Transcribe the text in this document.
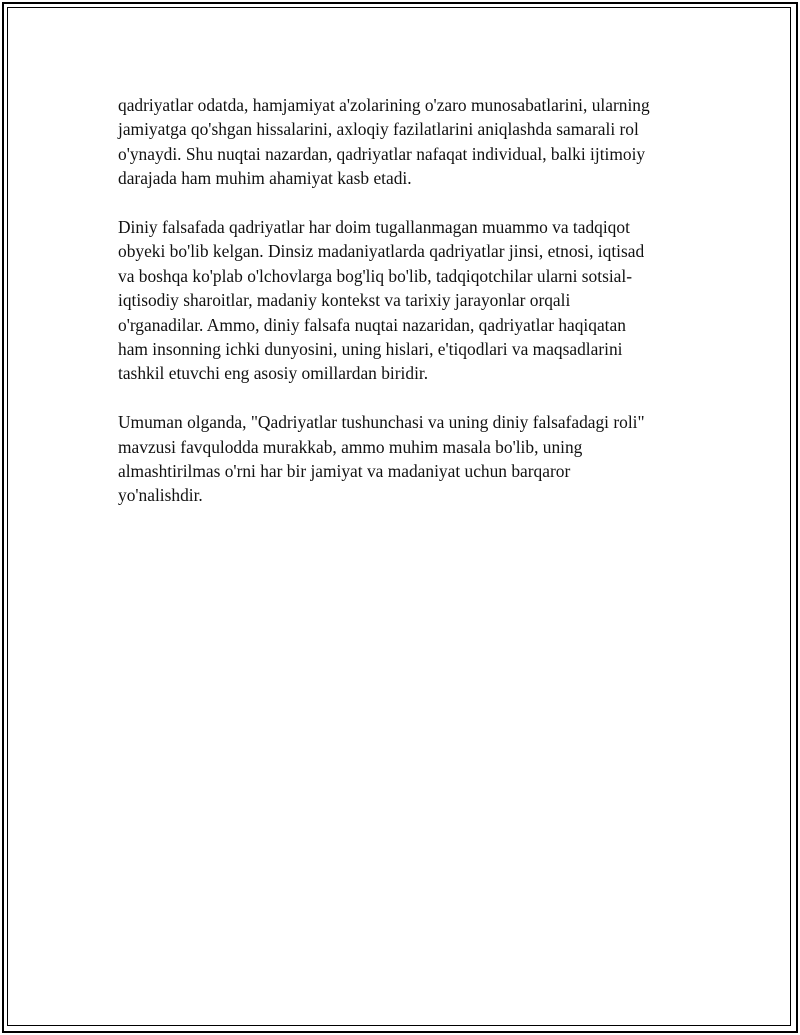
qadriyatlar odatda, hamjamiyat a'zolarining o'zaro munosabatlarini, ularning
jamiyatga qo'shgan hissalarini, axloqiy fazilatlarini aniqlashda samarali rol
o'ynaydi. Shu nuqtai nazardan, qadriyatlar nafaqat individual, balki ijtimoiy
darajada ham muhim ahamiyat kasb etadi.

Diniy falsafada qadriyatlar har doim tugallanmagan muammo va tadqiqot
obyeki bo'lib kelgan. Dinsiz madaniyatlarda qadriyatlar jinsi, etnosi, iqtisad
va boshqa ko'plab o'lchovlarga bog'liq bo'lib, tadqiqotchilar ularni sotsial-
iqtisodiy sharoitlar, madaniy kontekst va tarixiy jarayonlar orqali
o'rganadilar. Ammo, diniy falsafa nuqtai nazaridan, qadriyatlar haqiqatan
ham insonning ichki dunyosini, uning hislari, e'tiqodlari va maqsadlarini
tashkil etuvchi eng asosiy omillardan biridir.

Umuman olganda, "Qadriyatlar tushunchasi va uning diniy falsafadagi roli"
mavzusi favqulodda murakkab, ammo muhim masala bo'lib, uning
almashtirilmas o'rni har bir jamiyat va madaniyat uchun barqaror
yo'nalishdir.
